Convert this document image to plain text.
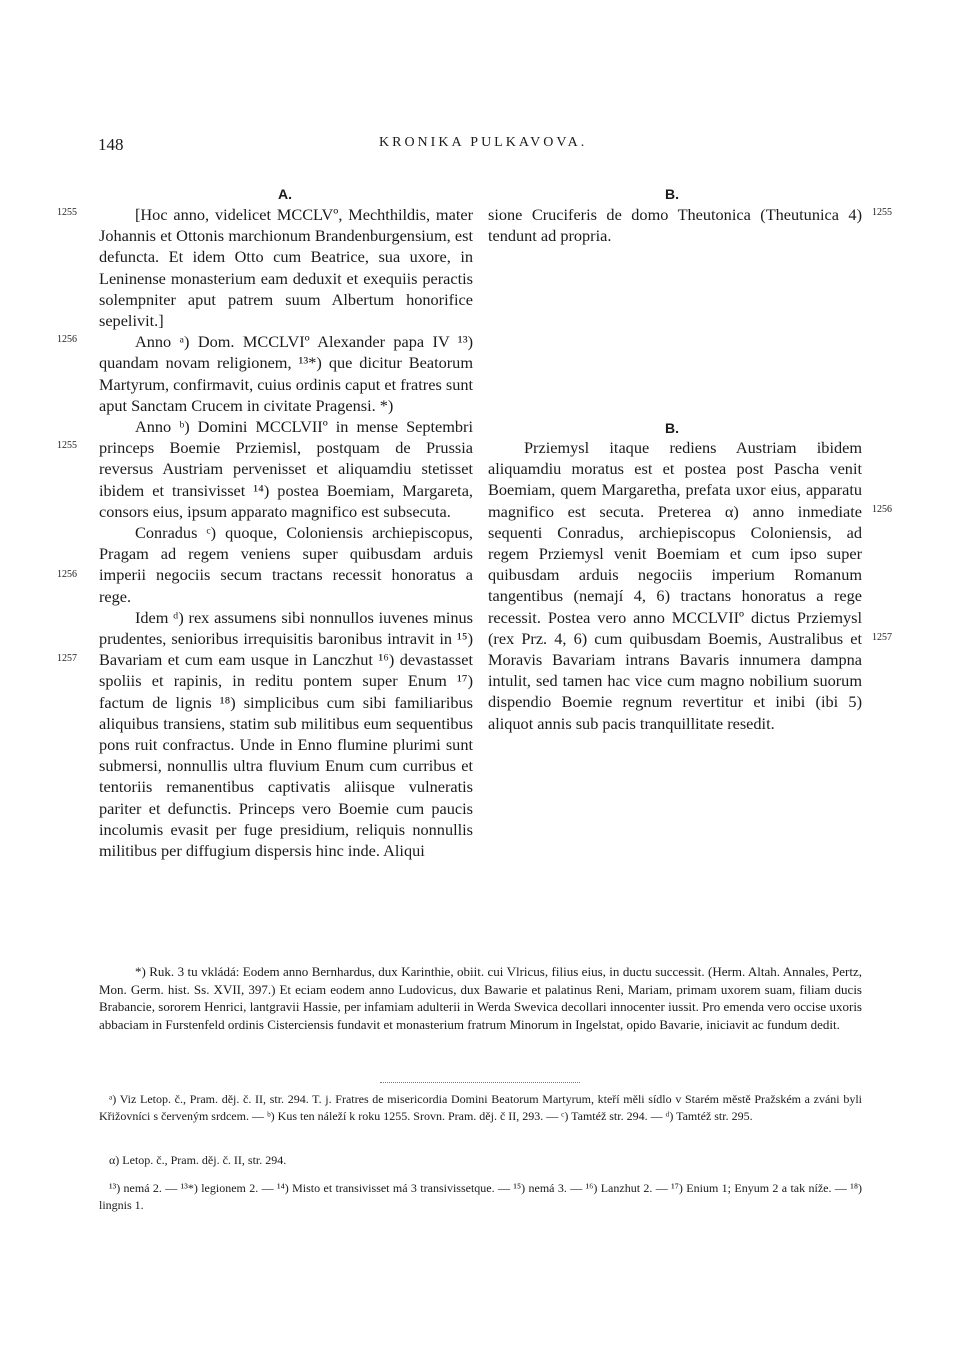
148	KRONIKA PULKAVOVA.
A.
1255
1256
1255
1256
1257

[Hoc anno, videlicet MCCLVº, Mechthildis, mater Johannis et Ottonis marchionum Brandenburgensium, est defuncta. Et idem Otto cum Beatrice, sua uxore, in Leninense monasterium eam deduxit et exequiis peractis solempniter aput patrem suum Albertum honorifice sepelivit.]

Anno ᵃ) Dom. MCCLVIº Alexander papa IV ¹³) quandam novam religionem, ¹³*) que dicitur Beatorum Martyrum, confirmavit, cuius ordinis caput et fratres sunt aput Sanctam Crucem in civitate Pragensi. *)

Anno ᵇ) Domini MCCLVIIº in mense Septembri princeps Boemie Prziemisl, postquam de Prussia reversus Austriam pervenisset et aliquamdiu stetisset ibidem et transivisset ¹⁴) postea Boemiam, Margareta, consors eius, ipsum apparato magnifico est subsecuta.

Conradus ᶜ) quoque, Coloniensis archiepiscopus, Pragam ad regem veniens super quibusdam arduis imperii negociis secum tractans recessit honoratus a rege.

Idem ᵈ) rex assumens sibi nonnullos iuvenes minus prudentes, senioribus irrequisitis baronibus intravit in ¹⁵) Bavariam et cum eam usque in Lanczhut ¹⁶) devastasset spoliis et rapinis, in reditu pontem super Enum ¹⁷) factum de lignis ¹⁸) simplicibus cum sibi familiaribus aliquibus transiens, statim sub militibus eum sequentibus pons ruit confractus. Unde in Enno flumine plurimi sunt submersi, nonnullis ultra fluvium Enum cum curribus et tentoriis remanentibus captivatis aliisque vulneratis pariter et defunctis. Princeps vero Boemie cum paucis incolumis evasit per fuge presidium, reliquis nonnullis militibus per diffugium dispersis hinc inde. Aliqui

B.

sione Cruciferis de domo Theutonica (Theutunica 4) tendunt ad propria.

1255
B.

Prziemysl itaque rediens Austriam ibidem aliquamdiu moratus est et postea post Pascha venit Boemiam, quem Margaretha, prefata uxor eius, apparatu magnifico est secuta. Preterea α) anno inmediate sequenti Conradus, archiepiscopus Coloniensis, ad regem Prziemysl venit Boemiam et cum ipso super quibusdam arduis negociis imperium Romanum tangentibus (nemají 4, 6) tractans honoratus a rege recessit. Postea vero anno MCCLVIIº dictus Prziemysl (rex Prz. 4, 6) cum quibusdam Boemis, Australibus et Moravis Bavariam intrans Bavaris innumera dampna intulit, sed tamen hac vice cum magno nobilium suorum dispendio Boemie regnum revertitur et inibi (ibi 5) aliquot annis sub pacis tranquillitate resedit.

1256
1257

*) Ruk. 3 tu vkládá: Eodem anno Bernhardus, dux Karinthie, obiit. cui Vlricus, filius eius, in ductu successit. (Herm. Altah. Annales, Pertz, Mon. Germ. hist. Ss. XVII, 397.) Et eciam eodem anno Ludovicus, dux Bawarie et palatinus Reni, Mariam, primam uxorem suam, filiam ducis Brabancie, sororem Henrici, lantgravii Hassie, per infamiam adulterii in Werda Swevica decollari innocenter iussit. Pro emenda vero occise uxoris abbaciam in Furstenfeld ordinis Cisterciensis fundavit et monasterium fratrum Minorum in Ingelstat, opido Bavarie, iniciavit ac fundum dedit.

ᵃ) Viz Letop. č., Pram. děj. č. II, str. 294. T. j. Fratres de misericordia Domini Beatorum Martyrum, kteří měli sídlo v Starém městě Pražském a zváni byli Křižovníci s červeným srdcem. — ᵇ) Kus ten náleží k roku 1255. Srovn. Pram. děj. č II, 293. — ᶜ) Tamtéž str. 294. — ᵈ) Tamtéž str. 295.

α) Letop. č., Pram. děj. č. II, str. 294.

¹³) nemá 2. — ¹³*) legionem 2. — ¹⁴) Misto et transivisset má 3 transivissetque. — ¹⁵) nemá 3. — ¹⁶) Lanzhut 2. — ¹⁷) Enium 1; Enyum 2 a tak níže. — ¹⁸) lingnis 1.
